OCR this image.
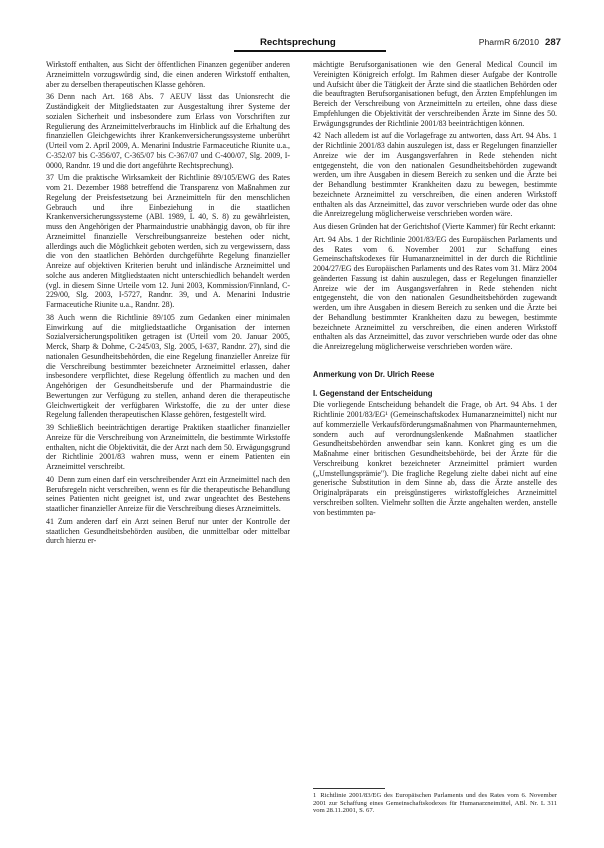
Rechtsprechung	PharmR 6/2010 287

Wirkstoff enthalten, aus Sicht der öffentlichen Finanzen gegenüber anderen Arzneimitteln vorzugswürdig sind, die einen anderen Wirkstoff enthalten, aber zu derselben therapeutischen Klasse gehören.

36 Denn nach Art. 168 Abs. 7 AEUV lässt das Unionsrecht die Zuständigkeit der Mitgliedstaaten zur Ausgestaltung ihrer Systeme der sozialen Sicherheit und insbesondere zum Erlass von Vorschriften zur Regulierung des Arzneimittelverbrauchs im Hinblick auf die Erhaltung des finanziellen Gleichgewichts ihrer Krankenversicherungssysteme unberührt (Urteil vom 2. April 2009, A. Menarini Industrie Farmaceutiche Riunite u.a., C-352/07 bis C-356/07, C-365/07 bis C-367/07 und C-400/07, Slg. 2009, I-0000, Randnr. 19 und die dort angeführte Rechtsprechung).

37 Um die praktische Wirksamkeit der Richtlinie 89/105/EWG des Rates vom 21. Dezember 1988 betreffend die Transparenz von Maßnahmen zur Regelung der Preisfestsetzung bei Arzneimitteln für den menschlichen Gebrauch und ihre Einbeziehung in die staatlichen Krankenversicherungssysteme (ABl. 1989, L 40, S. 8) zu gewährleisten, muss den Angehörigen der Pharmaindustrie unabhängig davon, ob für ihre Arzneimittel finanzielle Verschreibungsanreize bestehen oder nicht, allerdings auch die Möglichkeit geboten werden, sich zu vergewissern, dass die von den staatlichen Behörden durchgeführte Regelung finanzieller Anreize auf objektiven Kriterien beruht und inländische Arzneimittel und solche aus anderen Mitgliedstaaten nicht unterschiedlich behandelt werden (vgl. in diesem Sinne Urteile vom 12. Juni 2003, Kommission/Finnland, C-229/00, Slg. 2003, I-5727, Randnr. 39, und A. Menarini Industrie Farmaceutiche Riunite u.a., Randnr. 28).

38 Auch wenn die Richtlinie 89/105 zum Gedanken einer minimalen Einwirkung auf die mitgliedstaatliche Organisation der internen Sozialversicherungspolitiken getragen ist (Urteil vom 20. Januar 2005, Merck, Sharp & Dohme, C-245/03, Slg. 2005, I-637, Randnr. 27), sind die nationalen Gesundheitsbehörden, die eine Regelung finanzieller Anreize für die Verschreibung bestimmter bezeichneter Arzneimittel erlassen, daher insbesondere verpflichtet, diese Regelung öffentlich zu machen und den Angehörigen der Gesundheitsberufe und der Pharmaindustrie die Bewertungen zur Verfügung zu stellen, anhand deren die therapeutische Gleichwertigkeit der verfügbaren Wirkstoffe, die zu der unter diese Regelung fallenden therapeutischen Klasse gehören, festgestellt wird.

39 Schließlich beeinträchtigen derartige Praktiken staatlicher finanzieller Anreize für die Verschreibung von Arzneimitteln, die bestimmte Wirkstoffe enthalten, nicht die Objektivität, die der Arzt nach dem 50. Erwägungsgrund der Richtlinie 2001/83 wahren muss, wenn er einem Patienten ein Arzneimittel verschreibt.

40 Denn zum einen darf ein verschreibender Arzt ein Arzneimittel nach den Berufsregeln nicht verschreiben, wenn es für die therapeutische Behandlung seines Patienten nicht geeignet ist, und zwar ungeachtet des Bestehens staatlicher finanzieller Anreize für die Verschreibung dieses Arzneimittels.

41 Zum anderen darf ein Arzt seinen Beruf nur unter der Kontrolle der staatlichen Gesundheitsbehörden ausüben, die unmittelbar oder mittelbar durch hierzu er-

mächtigte Berufsorganisationen wie den General Medical Council im Vereinigten Königreich erfolgt. Im Rahmen dieser Aufgabe der Kontrolle und Aufsicht über die Tätigkeit der Ärzte sind die staatlichen Behörden oder die beauftragten Berufsorganisationen befugt, den Ärzten Empfehlungen im Bereich der Verschreibung von Arzneimitteln zu erteilen, ohne dass diese Empfehlungen die Objektivität der verschreibenden Ärzte im Sinne des 50. Erwägungsgrundes der Richtlinie 2001/83 beeinträchtigen können.

42 Nach alledem ist auf die Vorlagefrage zu antworten, dass Art. 94 Abs. 1 der Richtlinie 2001/83 dahin auszulegen ist, dass er Regelungen finanzieller Anreize wie der im Ausgangsverfahren in Rede stehenden nicht entgegensteht, die von den nationalen Gesundheitsbehörden zugewandt werden, um ihre Ausgaben in diesem Bereich zu senken und die Ärzte bei der Behandlung bestimmter Krankheiten dazu zu bewegen, bestimmte bezeichnete Arzneimittel zu verschreiben, die einen anderen Wirkstoff enthalten als das Arzneimittel, das zuvor verschrieben wurde oder das ohne die Anreizregelung möglicherweise verschrieben worden wäre.

Aus diesen Gründen hat der Gerichtshof (Vierte Kammer) für Recht erkannt:

Art. 94 Abs. 1 der Richtlinie 2001/83/EG des Europäischen Parlaments und des Rates vom 6. November 2001 zur Schaffung eines Gemeinschaftskodexes für Humanarzneimittel in der durch die Richtlinie 2004/27/EG des Europäischen Parlaments und des Rates vom 31. März 2004 geänderten Fassung ist dahin auszulegen, dass er Regelungen finanzieller Anreize wie der im Ausgangsverfahren in Rede stehenden nicht entgegensteht, die von den nationalen Gesundheitsbehörden zugewandt werden, um ihre Ausgaben in diesem Bereich zu senken und die Ärzte bei der Behandlung bestimmter Krankheiten dazu zu bewegen, bestimmte bezeichnete Arzneimittel zu verschreiben, die einen anderen Wirkstoff enthalten als das Arzneimittel, das zuvor verschrieben wurde oder das ohne die Anreizregelung möglicherweise verschrieben worden wäre.

Anmerkung von Dr. Ulrich Reese
I. Gegenstand der Entscheidung

Die vorliegende Entscheidung behandelt die Frage, ob Art. 94 Abs. 1 der Richtlinie 2001/83/EG¹ (Gemeinschaftskodex Humanarzneimittel) nicht nur auf kommerzielle Verkaufsförderungsmaßnahmen von Pharmaunternehmen, sondern auch auf verordnungslenkende Maßnahmen staatlicher Gesundheitsbehörden anwendbar sein kann. Konkret ging es um die Maßnahme einer britischen Gesundheitsbehörde, bei der Ärzte für die Verschreibung konkret bezeichneter Arzneimittel prämiert wurden („Umstellungsprämie"). Die fragliche Regelung zielte dabei nicht auf eine generische Substitution in dem Sinne ab, dass die Ärzte anstelle des Originalpräparats ein preisgünstigeres wirkstoffgleiches Arzneimittel verschreiben sollten. Vielmehr sollten die Ärzte angehalten werden, anstelle von bestimmten pa-

1 Richtlinie 2001/83/EG des Europäischen Parlaments und des Rates vom 6. November 2001 zur Schaffung eines Gemeinschaftskodexes für Humanarzneimittel, ABl. Nr. L 311 vom 28.11.2001, S. 67.
